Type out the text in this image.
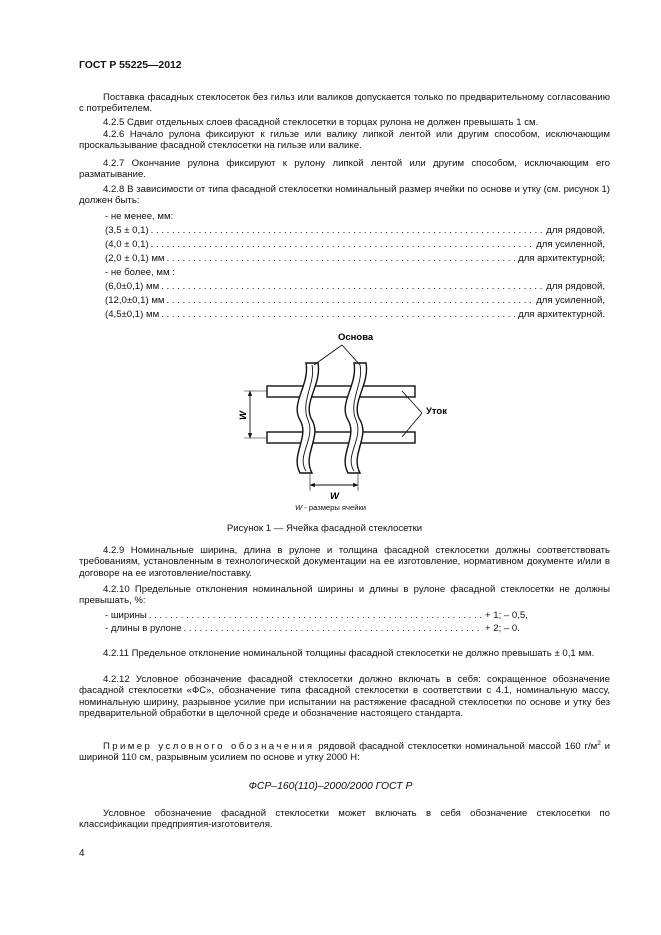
ГОСТ Р 55225—2012
Поставка фасадных стеклосеток без гильз или валиков допускается только по предварительному согласованию с потребителем.
4.2.5 Сдвиг отдельных слоев фасадной стеклосетки в торцах рулона не должен превышать 1 см.
4.2.6 Начало рулона фиксируют к гильзе или валику липкой лентой или другим способом, исключающим проскальзывание фасадной стеклосетки на гильзе или валике.
4.2.7 Окончание рулона фиксируют к рулону липкой лентой или другим способом, исключающим его разматывание.
4.2.8 В зависимости от типа фасадной стеклосетки номинальный размер ячейки по основе и утку (см. рисунок 1) должен быть:
- не менее, мм:
(3,5 ± 0,1) . . .	для рядовой,
(4,0 ± 0,1) . . .	для усиленной,
(2,0 ± 0,1) мм . . .	для архитектурной;
- не более, мм :
(6,0±0,1) мм . . .	для рядовой,
(12,0±0,1) мм . . .	для усиленной,
(4,5±0,1) мм . . .	для архитектурной.
Основа
Уток
W
W
W - размеры ячейки
Рисунок 1 — Ячейка фасадной стеклосетки
4.2.9 Номинальные ширина, длина в рулоне и толщина фасадной стеклосетки должны соответствовать требованиям, установленным в технологической документации на ее изготовление, нормативном документе и/или в договоре на ее изготовление/поставку.
4.2.10 Предельные отклонения номинальной ширины и длины в рулоне фасадной стеклосетки не должны превышать, %:
- ширины . . .	+ 1; – 0,5,
- длины в рулоне . . .	+ 2; – 0.
4.2.11 Предельное отклонение номинальной толщины фасадной стеклосетки не должно превышать ± 0,1 мм.
4.2.12 Условное обозначение фасадной стеклосетки должно включать в себя: сокращенное обозначение фасадной стеклосетки «ФС», обозначение типа фасадной стеклосетки в соответствии с 4.1, номинальную массу, номинальную ширину, разрывное усилие при испытании на растяжение фасадной стеклосетки по основе и утку без предварительной обработки в щелочной среде и обозначение настоящего стандарта.
Пример условного обозначения рядовой фасадной стеклосетки номинальной массой 160 $г/м^2$ и шириной 110 см, разрывным усилием по основе и утку 2000 Н:
ФСР–160(110)–2000/2000 ГОСТ Р
Условное обозначение фасадной стеклосетки может включать в себя обозначение стеклосетки по классификации предприятия-изготовителя.
4
